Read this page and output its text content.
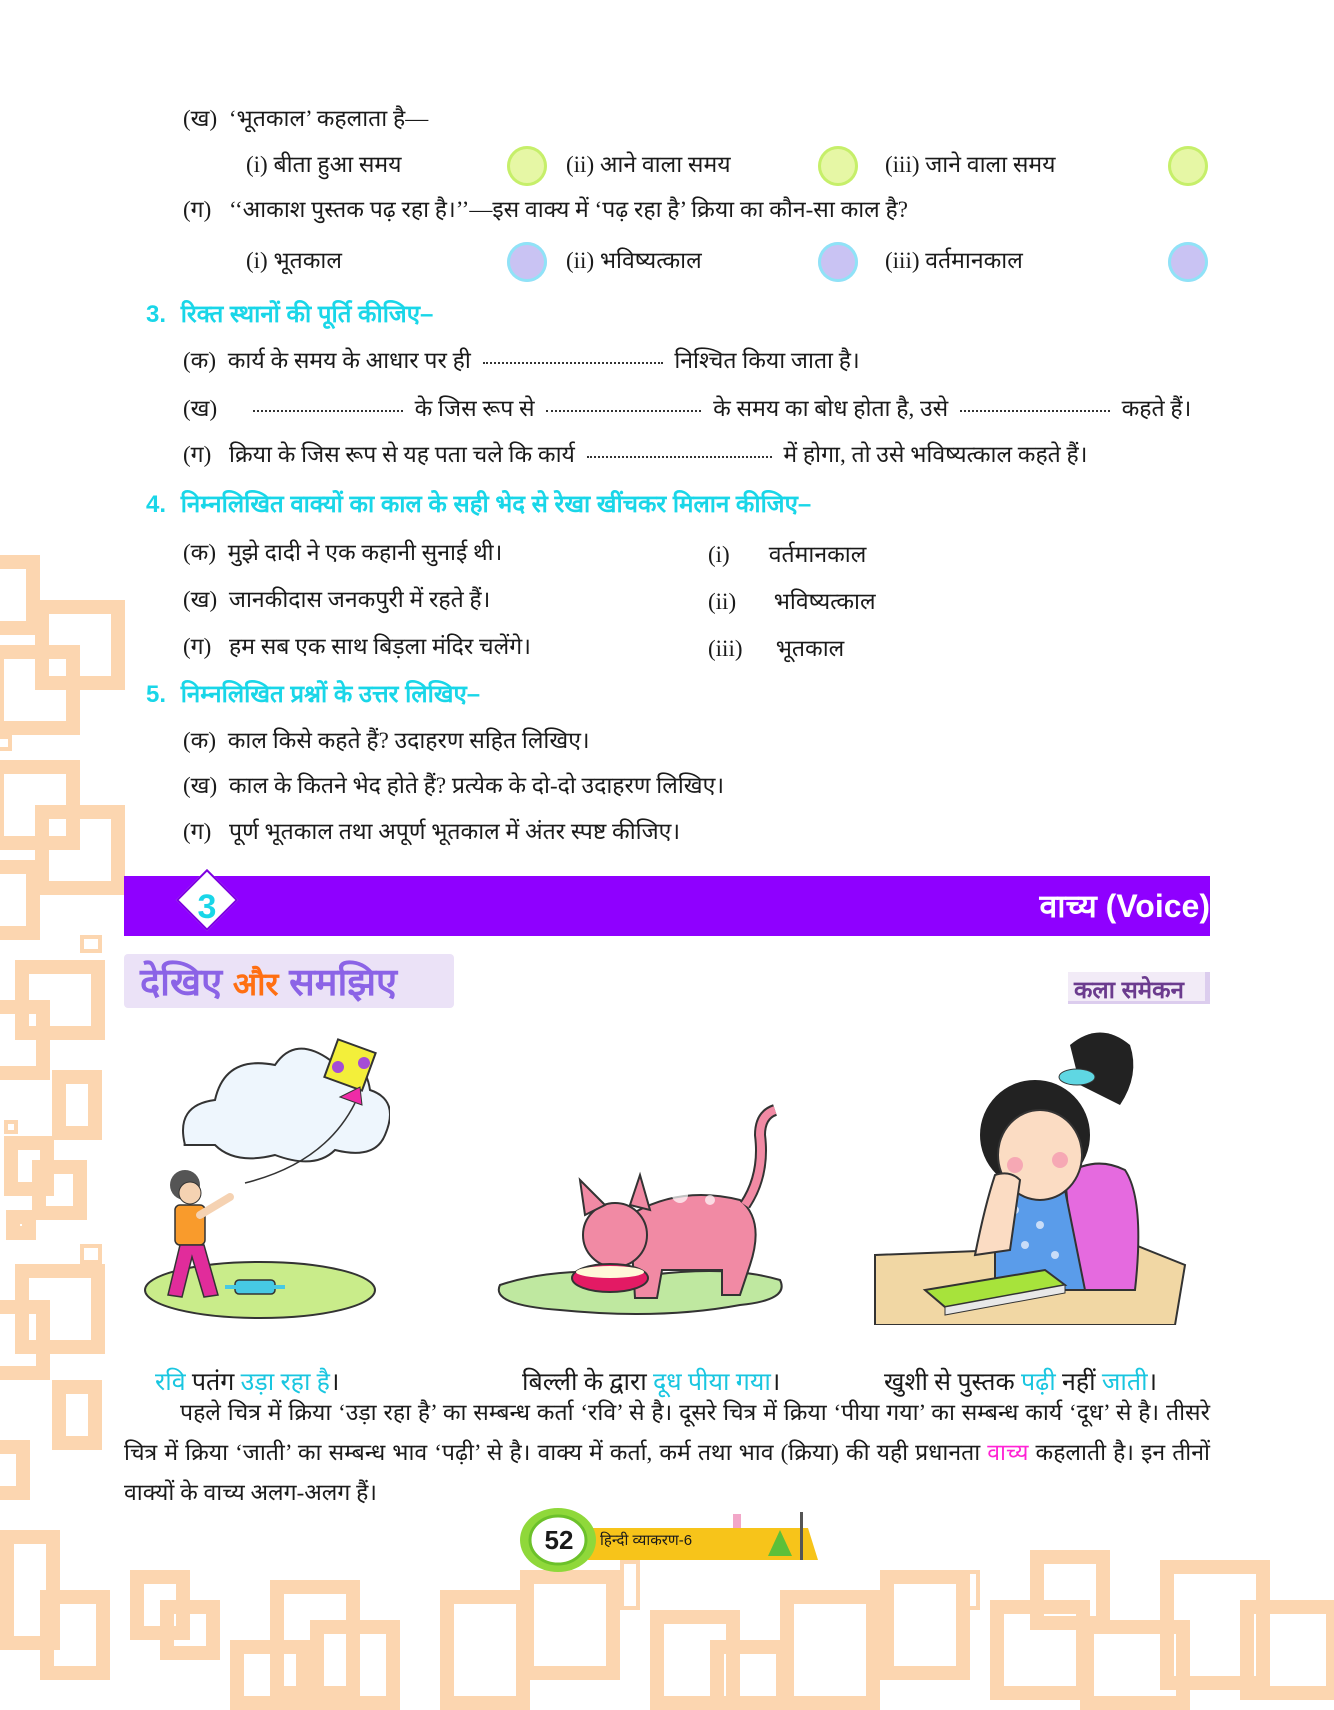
(ख) ‘भूतकाल’ कहलाता है—
(i) बीता हुआ समय	(ii) आने वाला समय	(iii) जाने वाला समय
(ग) ‘‘आकाश पुस्तक पढ़ रहा है।’’—इस वाक्य में ‘पढ़ रहा है’ क्रिया का कौन-सा काल है?
(i) भूतकाल	(ii) भविष्यत्काल	(iii) वर्तमानकाल
3. रिक्त स्थानों की पूर्ति कीजिए–
(क) कार्य के समय के आधार पर ही	निश्चित किया जाता है।
(ख)	के जिस रूप से	के समय का बोध होता है, उसे	कहते हैं।
(ग) क्रिया के जिस रूप से यह पता चले कि कार्य	में होगा, तो उसे भविष्यत्काल कहते हैं।
4. निम्नलिखित वाक्यों का काल के सही भेद से रेखा खींचकर मिलान कीजिए–
(क) मुझे दादी ने एक कहानी सुनाई थी।
(ख) जानकीदास जनकपुरी में रहते हैं।
(ग) हम सब एक साथ बिड़ला मंदिर चलेंगे।
(i) वर्तमानकाल
(ii) भविष्यत्काल
(iii) भूतकाल
5. निम्नलिखित प्रश्नों के उत्तर लिखिए–
(क) काल किसे कहते हैं? उदाहरण सहित लिखिए।
(ख) काल के कितने भेद होते हैं? प्रत्येक के दो-दो उदाहरण लिखिए।
(ग) पूर्ण भूतकाल तथा अपूर्ण भूतकाल में अंतर स्पष्ट कीजिए।
3	वाच्य (Voice)
देखिए और समझिए	कला समेकन
रवि पतंग उड़ा रहा है।	बिल्ली के द्वारा दूध पीया गया।	खुशी से पुस्तक पढ़ी नहीं जाती।
पहले चित्र में क्रिया ‘उड़ा रहा है’ का सम्बन्ध कर्ता ‘रवि’ से है। दूसरे चित्र में क्रिया ‘पीया गया’ का सम्बन्ध कार्य ‘दूध’ से है। तीसरे चित्र में क्रिया ‘जाती’ का सम्बन्ध भाव ‘पढ़ी’ से है। वाक्य में कर्ता, कर्म तथा भाव (क्रिया) की यही प्रधानता वाच्य कहलाती है। इन तीनों वाक्यों के वाच्य अलग-अलग हैं।
52	हिन्दी व्याकरण-6
